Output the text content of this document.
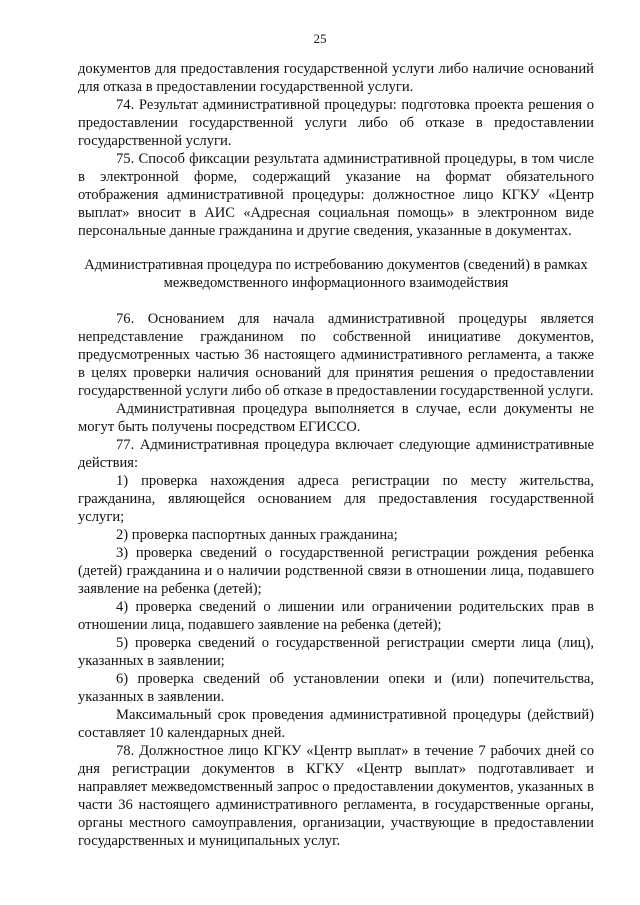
25

документов для предоставления государственной услуги либо наличие оснований для отказа в предоставлении государственной услуги.

74. Результат административной процедуры: подготовка проекта решения о предоставлении государственной услуги либо об отказе в предоставлении государственной услуги.

75. Способ фиксации результата административной процедуры, в том числе в электронной форме, содержащий указание на формат обязательного отображения административной процедуры: должностное лицо КГКУ «Центр выплат» вносит в АИС «Адресная социальная помощь» в электронном виде персональные данные гражданина и другие сведения, указанные в документах.

Административная процедура по истребованию документов (сведений) в рамках межведомственного информационного взаимодействия

76. Основанием для начала административной процедуры является непредставление гражданином по собственной инициативе документов, предусмотренных частью 36 настоящего административного регламента, а также в целях проверки наличия оснований для принятия решения о предоставлении государственной услуги либо об отказе в предоставлении государственной услуги.

Административная процедура выполняется в случае, если документы не могут быть получены посредством ЕГИССО.

77. Административная процедура включает следующие административные действия:

1) проверка нахождения адреса регистрации по месту жительства, гражданина, являющейся основанием для предоставления государственной услуги;

2) проверка паспортных данных гражданина;

3) проверка сведений о государственной регистрации рождения ребенка (детей) гражданина и о наличии родственной связи в отношении лица, подавшего заявление на ребенка (детей);

4) проверка сведений о лишении или ограничении родительских прав в отношении лица, подавшего заявление на ребенка (детей);

5) проверка сведений о государственной регистрации смерти лица (лиц), указанных в заявлении;

6) проверка сведений об установлении опеки и (или) попечительства, указанных в заявлении.

Максимальный срок проведения административной процедуры (действий) составляет 10 календарных дней.

78. Должностное лицо КГКУ «Центр выплат» в течение 7 рабочих дней со дня регистрации документов в КГКУ «Центр выплат» подготавливает и направляет межведомственный запрос о предоставлении документов, указанных в части 36 настоящего административного регламента, в государственные органы, органы местного самоуправления, организации, участвующие в предоставлении государственных и муниципальных услуг.
